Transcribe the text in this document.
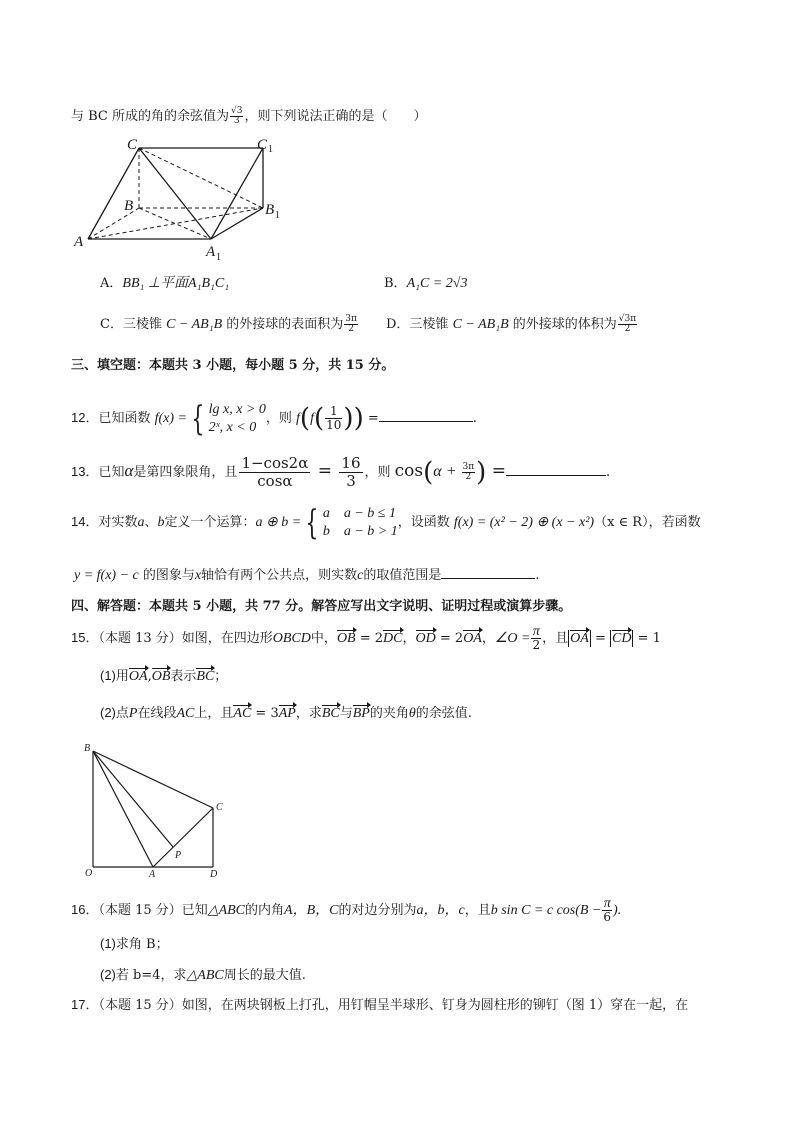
与 BC 所成的角的余弦值为 $\frac{√3}{3}$ ，则下列说法正确的是（　　）
C	C 1
B	B 1
A
A 1
A．BB₁ ⊥平面A₁B₁C₁	B．A₁C = 2√3
C．三棱锥 C − AB₁B 的外接球的表面积为 $\frac{3\pi}{2}$ D．三棱锥 C − AB₁B 的外接球的体积为 $\frac{√3\pi}{2}$
三、填空题：本题共 3 小题，每小题 5 分，共 15 分。
12．已知函数 f(x) = { lg x, x > 0
2ˣ, x < 0
，则 $f(f( \frac{1}{10}$ )) =	.
13．已知α是第四象限角，且 $\frac{1-\cos 2\alpha}{\cos\alpha} = \frac{16}{3}$ ，则 $\cos(\alpha + \frac{3\pi}{2}$ ) =	.
14．对实数a、b定义一个运算：a ⊕ b = { a　a − b ≤ 1
b　a − b > 1
，设函数 f(x) = (x² − 2) ⊕ (x − x²)（x ∈ R），若函数
y = f(x) − c 的图象与x轴恰有两个公共点，则实数c的取值范围是	.
四、解答题：本题共 5 小题，共 77 分。解答应写出文字说明、证明过程或演算步骤。
15．（本题 13 分）如图，在四边形OBCD中，OB = 2DC，OD = 2OA，∠O = $\frac{\pi}{2}$ ，且 OA = CD = 1
(1)用OA,OB表示BC；
(2)点P在线段AC上，且AC = 3AP，求BC与BP的夹角θ的余弦值.
B
C
O	A
P
D
16．（本题 15 分）已知△ABC的内角A，B，C的对边分别为a，b，c，且b sin C = c $\cos(B - \frac{\pi}{6}$ ).
(1)求角 B；
(2)若 b=4，求△ABC周长的最大值.
17．（本题 15 分）如图，在两块钢板上打孔，用钉帽呈半球形、钉身为圆柱形的铆钉（图 1）穿在一起，在
